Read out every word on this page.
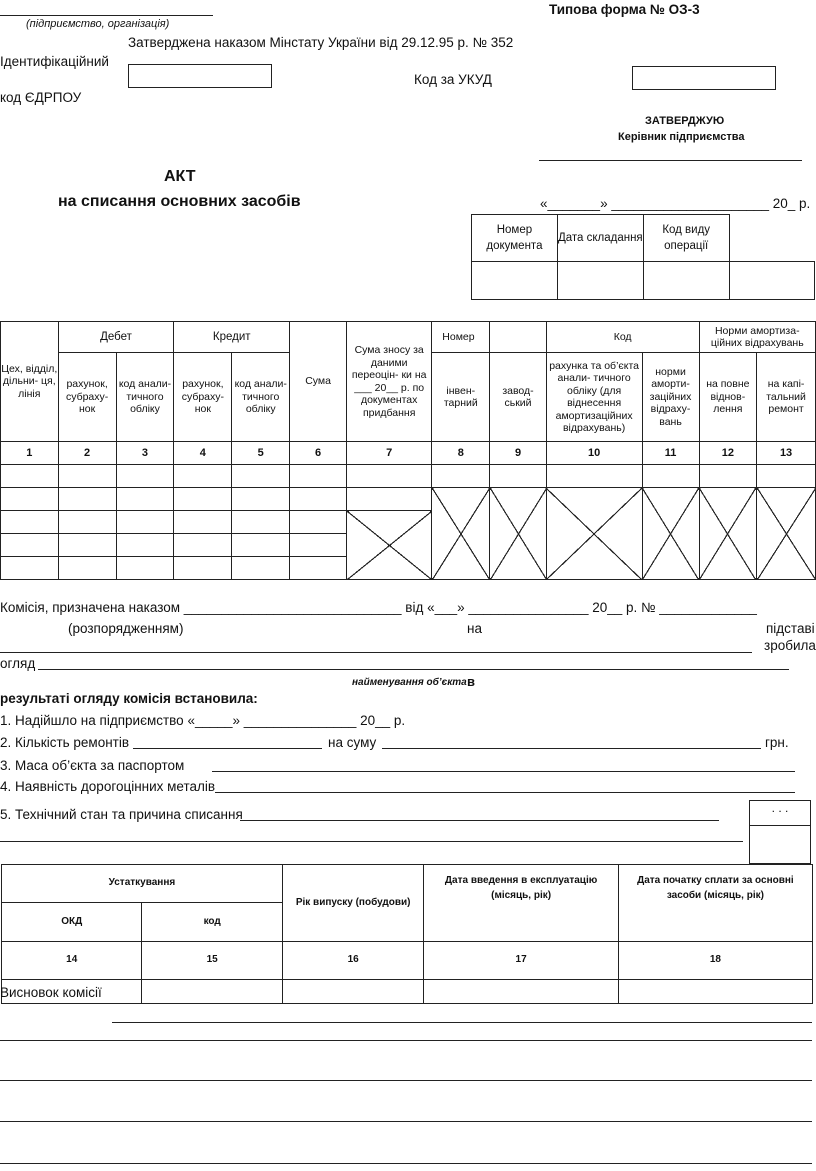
(підприємство, організація)
Типова форма № ОЗ-3
Затверджена наказом Мінстату України від 29.12.95 р. № 352
Ідентифікаційний
Код за УКУД
код ЄДРПОУ
ЗАТВЕРДЖУЮ
Керівник підприємства
АКТ
на списання основних засобів	«_______» _____________________ 20_ р.
Номер документа	Дата складання	Код виду операції	

Цех, відділ, дільни- ця, лінія	Дебет		Кредит		Сума	Сума зносу за даними переоцін- ки на ___ 20__ р. по документах придбання	Номер		Код		Норми амортиза- ційних відрахувань	
	рахунок, субраху- нок	код анали- тичного обліку	рахунок, субраху- нок	код анали- тичного обліку			інвен- тарний	завод- ський	рахунка та об’єкта анали- тичного обліку (для віднесення амортизаційних відрахувань)	норми аморти- заційних відраху- вань	на повне віднов- лення	на капі- тальний ремонт
1	2	3	4	5	6	7	8	9	10	11	12	13

Комісія, призначена наказом _____________________________ від «___» ________________ 20__ р. № _____________
(розпорядженням)	на	підставі
зробила
огляд
найменування об’єкта в
результаті огляду комісія встановила:
1. Надійшло на підприємство «_____» _______________ 20__ р.
2. Кількість ремонтів	на суму	грн.
3. Маса об’єкта за паспортом
4. Наявність дорогоцінних металів
5. Технічний стан та причина списання	. . .
Устаткування		Рік випуску (побудови)	Дата введення в експлуатацію (місяць, рік)	Дата початку сплати за основні засоби (місяць, рік)
ОКД	код			
14	15	16	17	18

Висновок комісії
